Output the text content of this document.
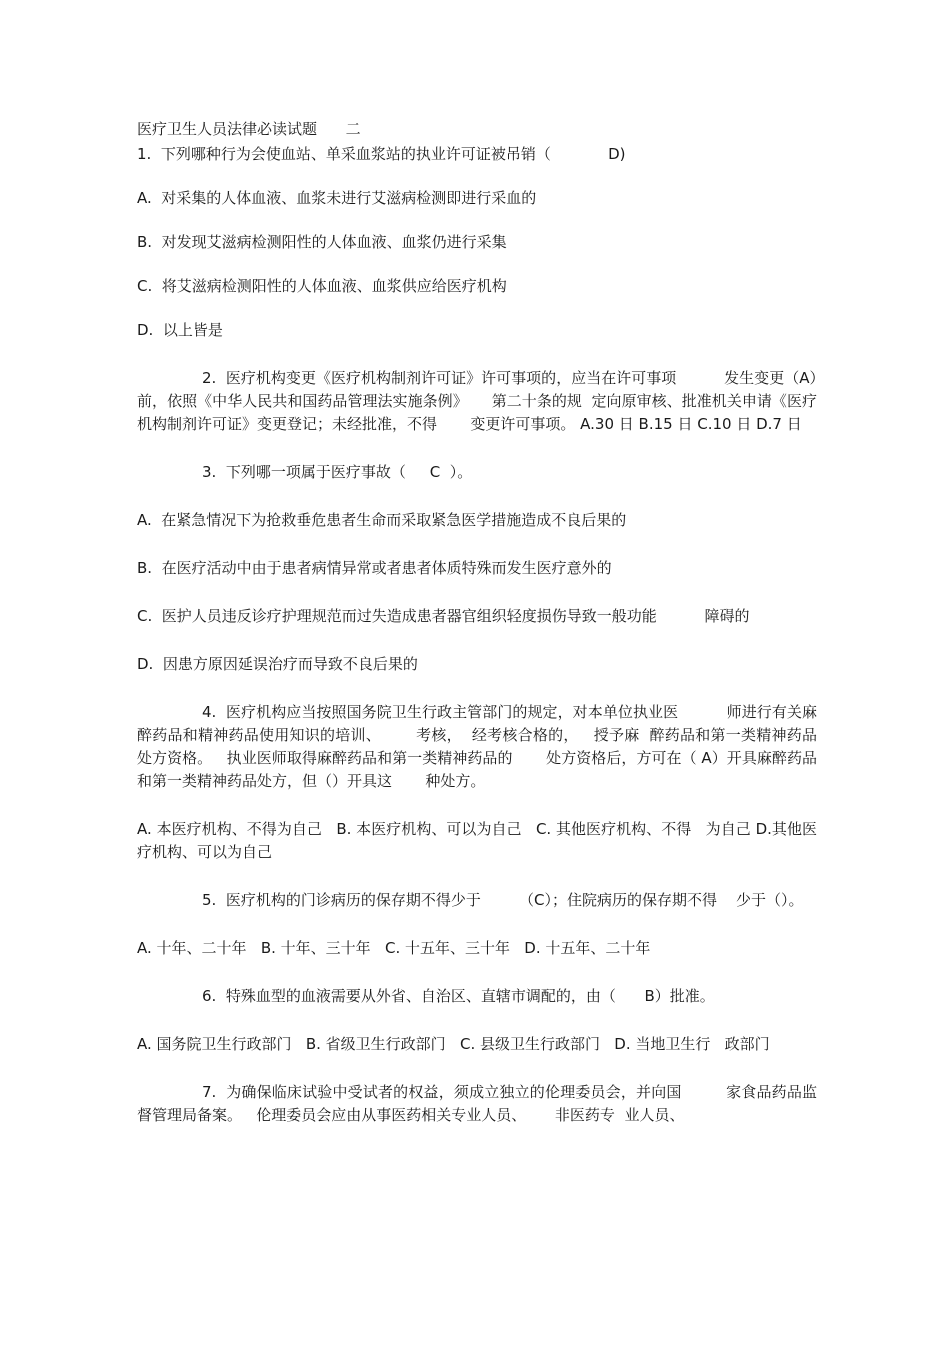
医疗卫生人员法律必读试题      二
1.  下列哪种行为会使血站、单采血浆站的执业许可证被吊销（            D)
A.  对采集的人体血液、血浆未进行艾滋病检测即进行采血的
B.  对发现艾滋病检测阳性的人体血液、血浆仍进行采集
C.  将艾滋病检测阳性的人体血液、血浆供应给医疗机构
D.  以上皆是
2.  医疗机构变更《医疗机构制剂许可证》许可事项的，应当在许可事项          发生变更（A）前，依照《中华人民共和国药品管理法实施条例》     第二十条的规  定向原审核、批准机关申请《医疗机构制剂许可证》变更登记；未经批准，不得       变更许可事项。 A.30 日 B.15 日 C.10 日 D.7 日
3.  下列哪一项属于医疗事故（     C  ）。
A.  在紧急情况下为抢救垂危患者生命而采取紧急医学措施造成不良后果的
B.  在医疗活动中由于患者病情异常或者患者体质特殊而发生医疗意外的
C.  医护人员违反诊疗护理规范而过失造成患者器官组织轻度损伤导致一般功能          障碍的
D.  因患方原因延误治疗而导致不良后果的
4.  医疗机构应当按照国务院卫生行政主管部门的规定，对本单位执业医          师进行有关麻醉药品和精神药品使用知识的培训、       考核，  经考核合格的，   授予麻  醉药品和第一类精神药品处方资格。   执业医师取得麻醉药品和第一类精神药品的       处方资格后，方可在（ A）开具麻醉药品和第一类精神药品处方，但（）开具这       种处方。
A. 本医疗机构、不得为自己   B. 本医疗机构、可以为自己   C. 其他医疗机构、不得   为自己 D.其他医疗机构、可以为自己
5.  医疗机构的门诊病历的保存期不得少于        （C）；住院病历的保存期不得    少于（）。
A. 十年、二十年   B. 十年、三十年   C. 十五年、三十年   D. 十五年、二十年
6.  特殊血型的血液需要从外省、自治区、直辖市调配的，由（      B）批准。
A. 国务院卫生行政部门   B. 省级卫生行政部门   C. 县级卫生行政部门   D. 当地卫生行   政部门
7.  为确保临床试验中受试者的权益，须成立独立的伦理委员会，并向国         家食品药品监督管理局备案。   伦理委员会应由从事医药相关专业人员、      非医药专  业人员、
